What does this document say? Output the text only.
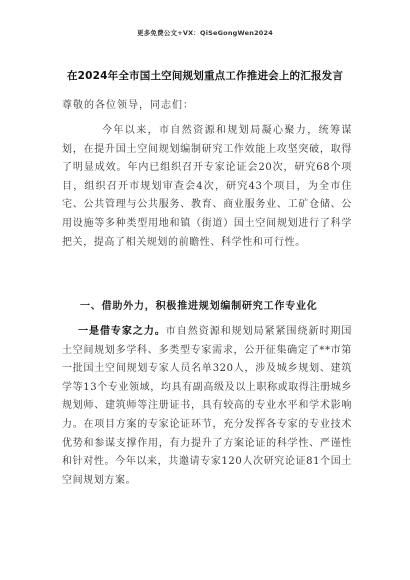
更多免费公文+VX：QiSeGongWen2024
在2024年全市国土空间规划重点工作推进会上的汇报发言
尊敬的各位领导，同志们：

今年以来，市自然资源和规划局凝心聚力，统筹谋划，在提升国土空间规划编制研究工作效能上攻坚突破，取得了明显成效。年内已组织召开专家论证会20次，研究68个项目，组织召开市规划审查会4次，研究43个项目，为全市住宅、公共管理与公共服务、教育、商业服务业、工矿仓储、公用设施等多种类型用地和镇（街道）国土空间规划进行了科学把关，提高了相关规划的前瞻性、科学性和可行性。

一、借助外力，积极推进规划编制研究工作专业化

一是借专家之力。市自然资源和规划局紧紧围绕新时期国土空间规划多学科、多类型专家需求，公开征集确定了**市第一批国土空间规划专家人员名单320人，涉及城乡规划、建筑学等13个专业领域，均具有副高级及以上职称或取得注册城乡规划师、建筑师等注册证书，具有较高的专业水平和学术影响力。在项目方案的专家论证环节，充分发挥各专家的专业技术优势和参谋支撑作用，有力提升了方案论证的科学性、严谨性和针对性。今年以来，共邀请专家120人次研究论证81个国土空间规划方案。
